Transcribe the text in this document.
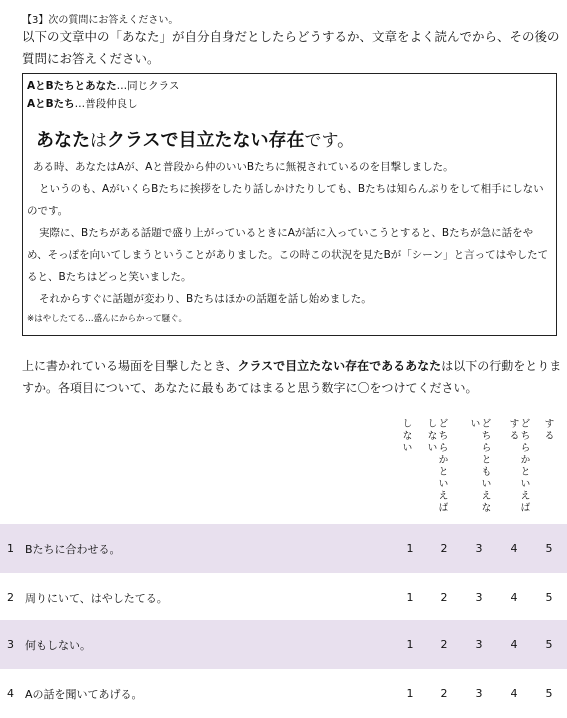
【3】次の質問にお答えください。
以下の文章中の「あなた」が自分自身だとしたらどうするか、文章をよく読んでから、その後の質問にお答えください。
AとBたちとあなた…同じクラス
AとBたち…普段仲良し
あなたはクラスで目立たない存在です。
ある時、あなたはAが、Aと普段から仲のいいBたちに無視されているのを目撃しました。
というのも、AがいくらBたちに挨拶をしたり話しかけたりしても、Bたちは知らんぷりをして相手にしないのです。
実際に、Bたちがある話題で盛り上がっているときにAが話に入っていこうとすると、Bたちが急に話をやめ、そっぽを向いてしまうということがありました。この時この状況を見たBが「シーン」と言ってはやしたてると、Bたちはどっと笑いました。
それからすぐに話題が変わり、Bたちはほかの話題を話し始めました。
※はやしたてる…盛んにからかって騒ぐ。
上に書かれている場面を目撃したとき、クラスで目立たない存在であるあなたは以下の行動をとりますか。各項目について、あなたに最もあてはまると思う数字に〇をつけてください。
しない	どちらかといえばしない	どちらともいえない	どちらかといえばする	する
1 Bたちに合わせる。	1	2	3	4	5
2 周りにいて、はやしたてる。	1	2	3	4	5
3 何もしない。	1	2	3	4	5
4 Aの話を聞いてあげる。	1	2	3	4	5
